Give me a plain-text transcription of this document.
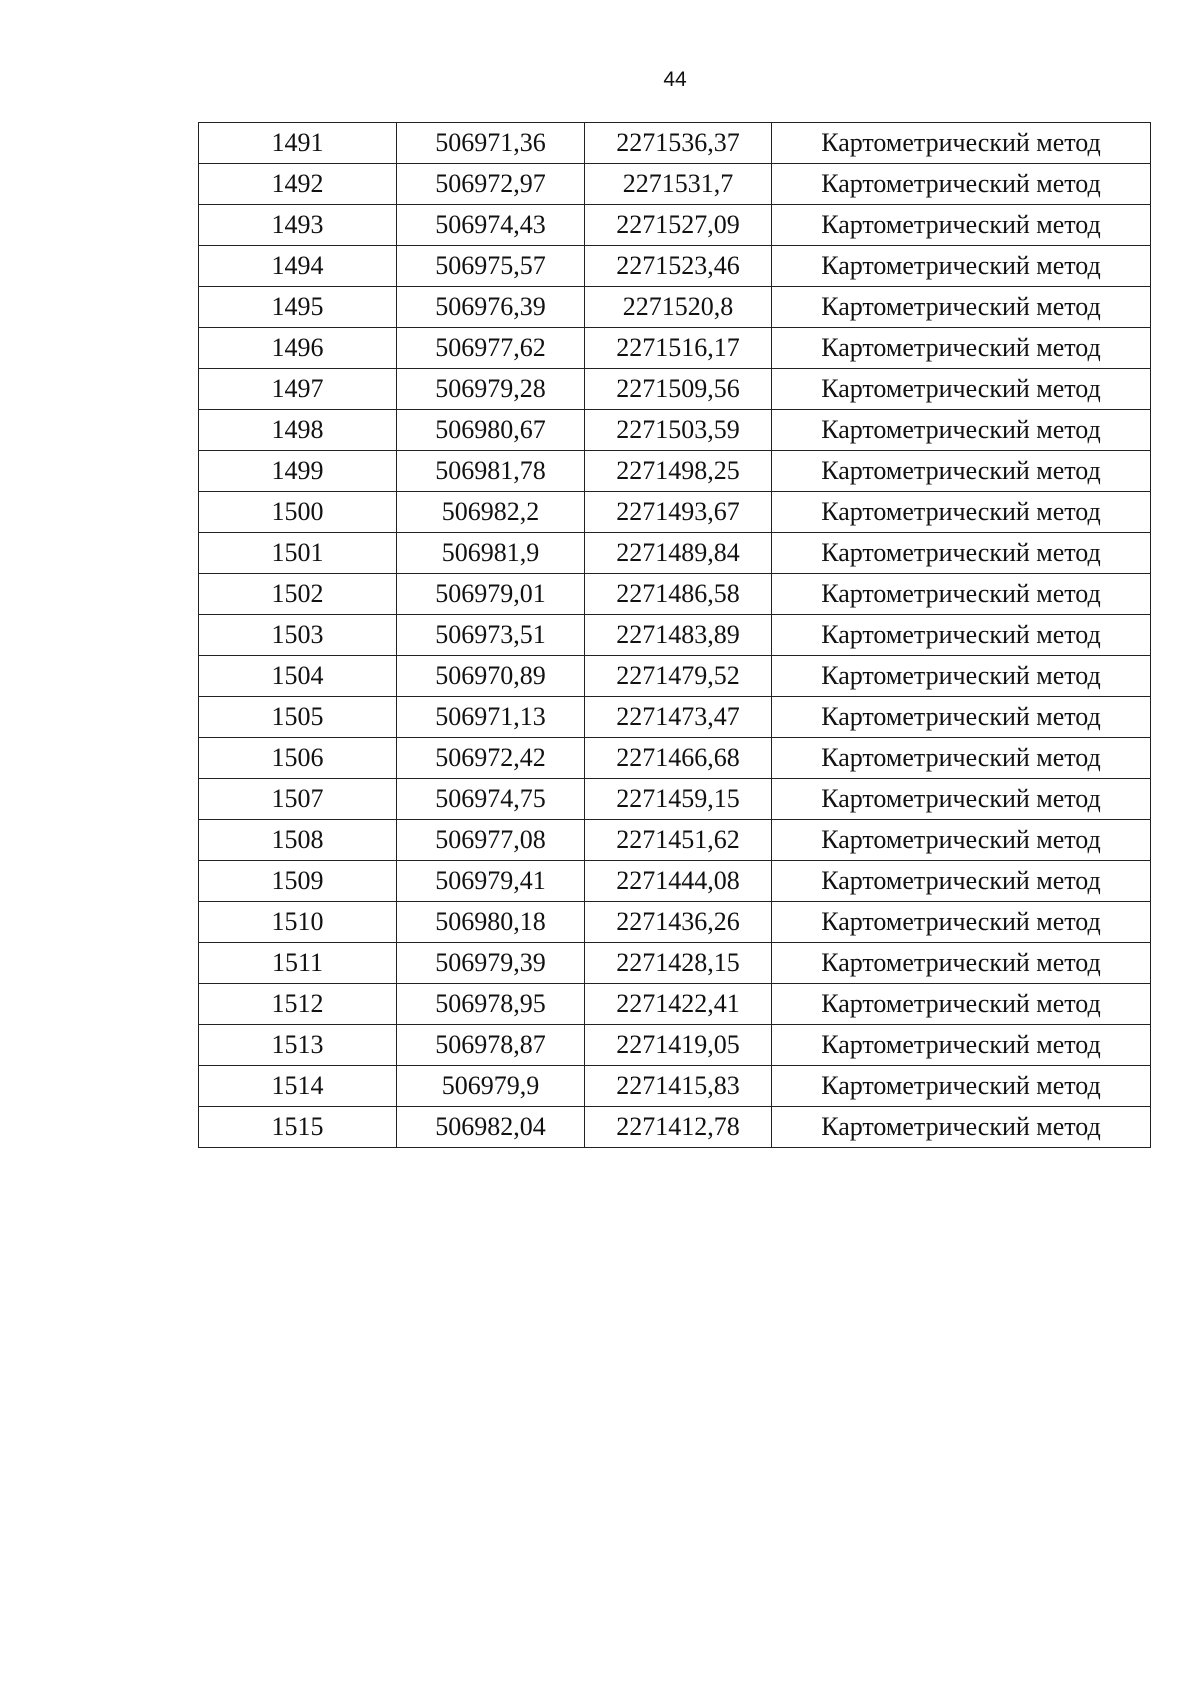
44
1491	506971,36	2271536,37	Картометрический метод
1492	506972,97	2271531,7	Картометрический метод
1493	506974,43	2271527,09	Картометрический метод
1494	506975,57	2271523,46	Картометрический метод
1495	506976,39	2271520,8	Картометрический метод
1496	506977,62	2271516,17	Картометрический метод
1497	506979,28	2271509,56	Картометрический метод
1498	506980,67	2271503,59	Картометрический метод
1499	506981,78	2271498,25	Картометрический метод
1500	506982,2	2271493,67	Картометрический метод
1501	506981,9	2271489,84	Картометрический метод
1502	506979,01	2271486,58	Картометрический метод
1503	506973,51	2271483,89	Картометрический метод
1504	506970,89	2271479,52	Картометрический метод
1505	506971,13	2271473,47	Картометрический метод
1506	506972,42	2271466,68	Картометрический метод
1507	506974,75	2271459,15	Картометрический метод
1508	506977,08	2271451,62	Картометрический метод
1509	506979,41	2271444,08	Картометрический метод
1510	506980,18	2271436,26	Картометрический метод
1511	506979,39	2271428,15	Картометрический метод
1512	506978,95	2271422,41	Картометрический метод
1513	506978,87	2271419,05	Картометрический метод
1514	506979,9	2271415,83	Картометрический метод
1515	506982,04	2271412,78	Картометрический метод
